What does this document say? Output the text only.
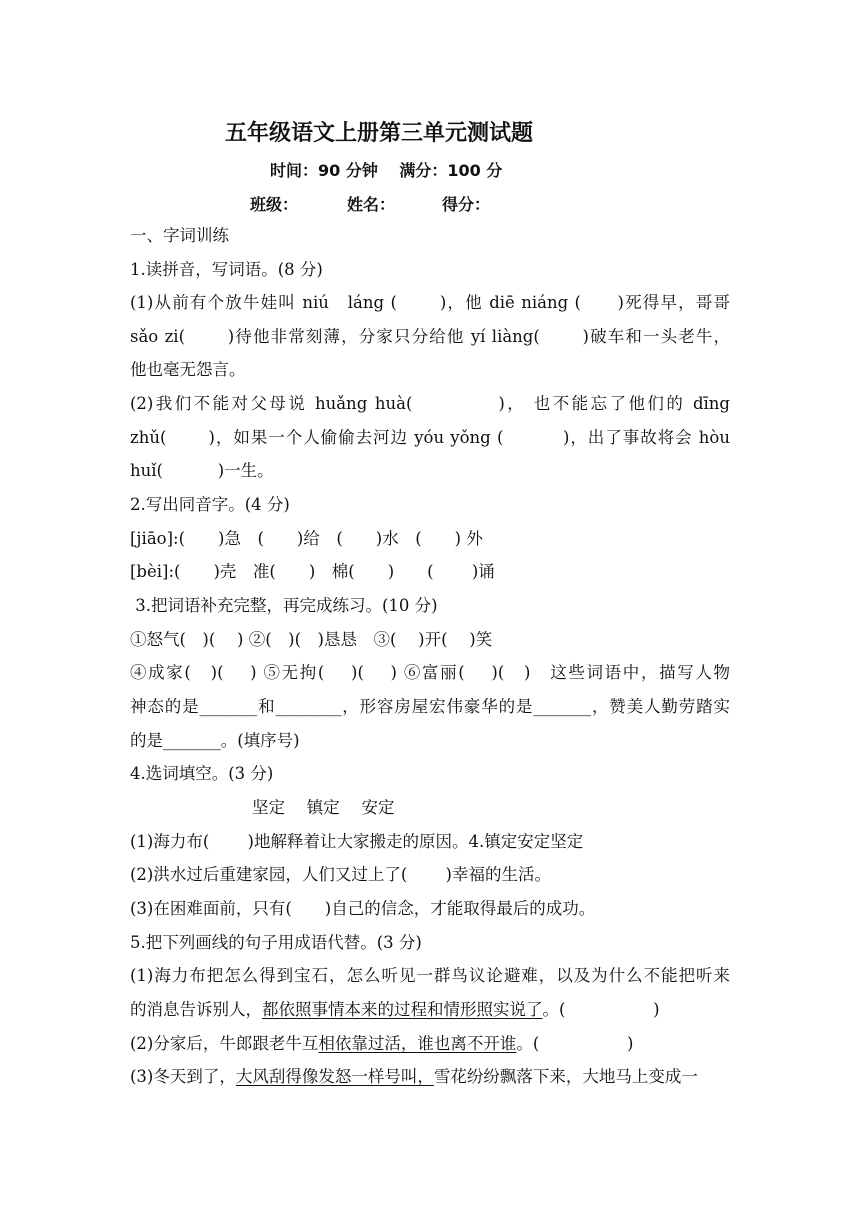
五年级语文上册第三单元测试题
时间：90 分钟　 满分：100 分
班级：	姓名：	得分：
一、字词训练
1.读拼音，写词语。(8 分)
(1)从前有个放牛娃叫 niú　láng (　　 )，他 diē niáng (　　)死得早，哥哥
sǎo zi(　　 )待他非常刻薄，分家只分给他 yí liàng(　　 )破车和一头老牛，
他也毫无怨言。
(2)我们不能对父母说 huǎng huà(　　　　 )， 也不能忘了他们的 dīng
zhǔ(　　 )，如果一个人偷偷去河边 yóu yǒng (　　　 )，出了事故将会 hòu
huǐ(　　　 )一生。
2.写出同音字。(4 分)
[jiāo]:(　　)急　(　　)给　(　　)水　(　　) 外
[bèi]:(　　)壳　准(　　)　棉(　　)　　(　　 )诵
3.把词语补充完整，再完成练习。(10 分)
①怒气(　)(　 ) ②(　)(　)恳恳　③(　 )开(　 )笑
④成家(　)(　 ) ⑤无拘(　 )(　 ) ⑥富丽(　 )(　)　这些词语中，描写人物
神态的是_______和________，形容房屋宏伟豪华的是_______，赞美人勤劳踏实
的是_______。(填序号)
4.选词填空。(3 分)
坚定　 镇定　 安定
(1)海力布(　　 )地解释着让大家搬走的原因。4.镇定安定坚定
(2)洪水过后重建家园，人们又过上了(　　 )幸福的生活。
(3)在困难面前，只有(　　)自己的信念，才能取得最后的成功。
5.把下列画线的句子用成语代替。(3 分)
(1)海力布把怎么得到宝石，怎么听见一群鸟议论避难，以及为什么不能把听来
的消息告诉别人，都依照事情本来的过程和情形照实说了。(　　　　　 )
(2)分家后，牛郎跟老牛互相依靠过活，谁也离不开谁。(　　　　　 )
(3)冬天到了，大风刮得像发怒一样号叫，雪花纷纷飘落下来，大地马上变成一
